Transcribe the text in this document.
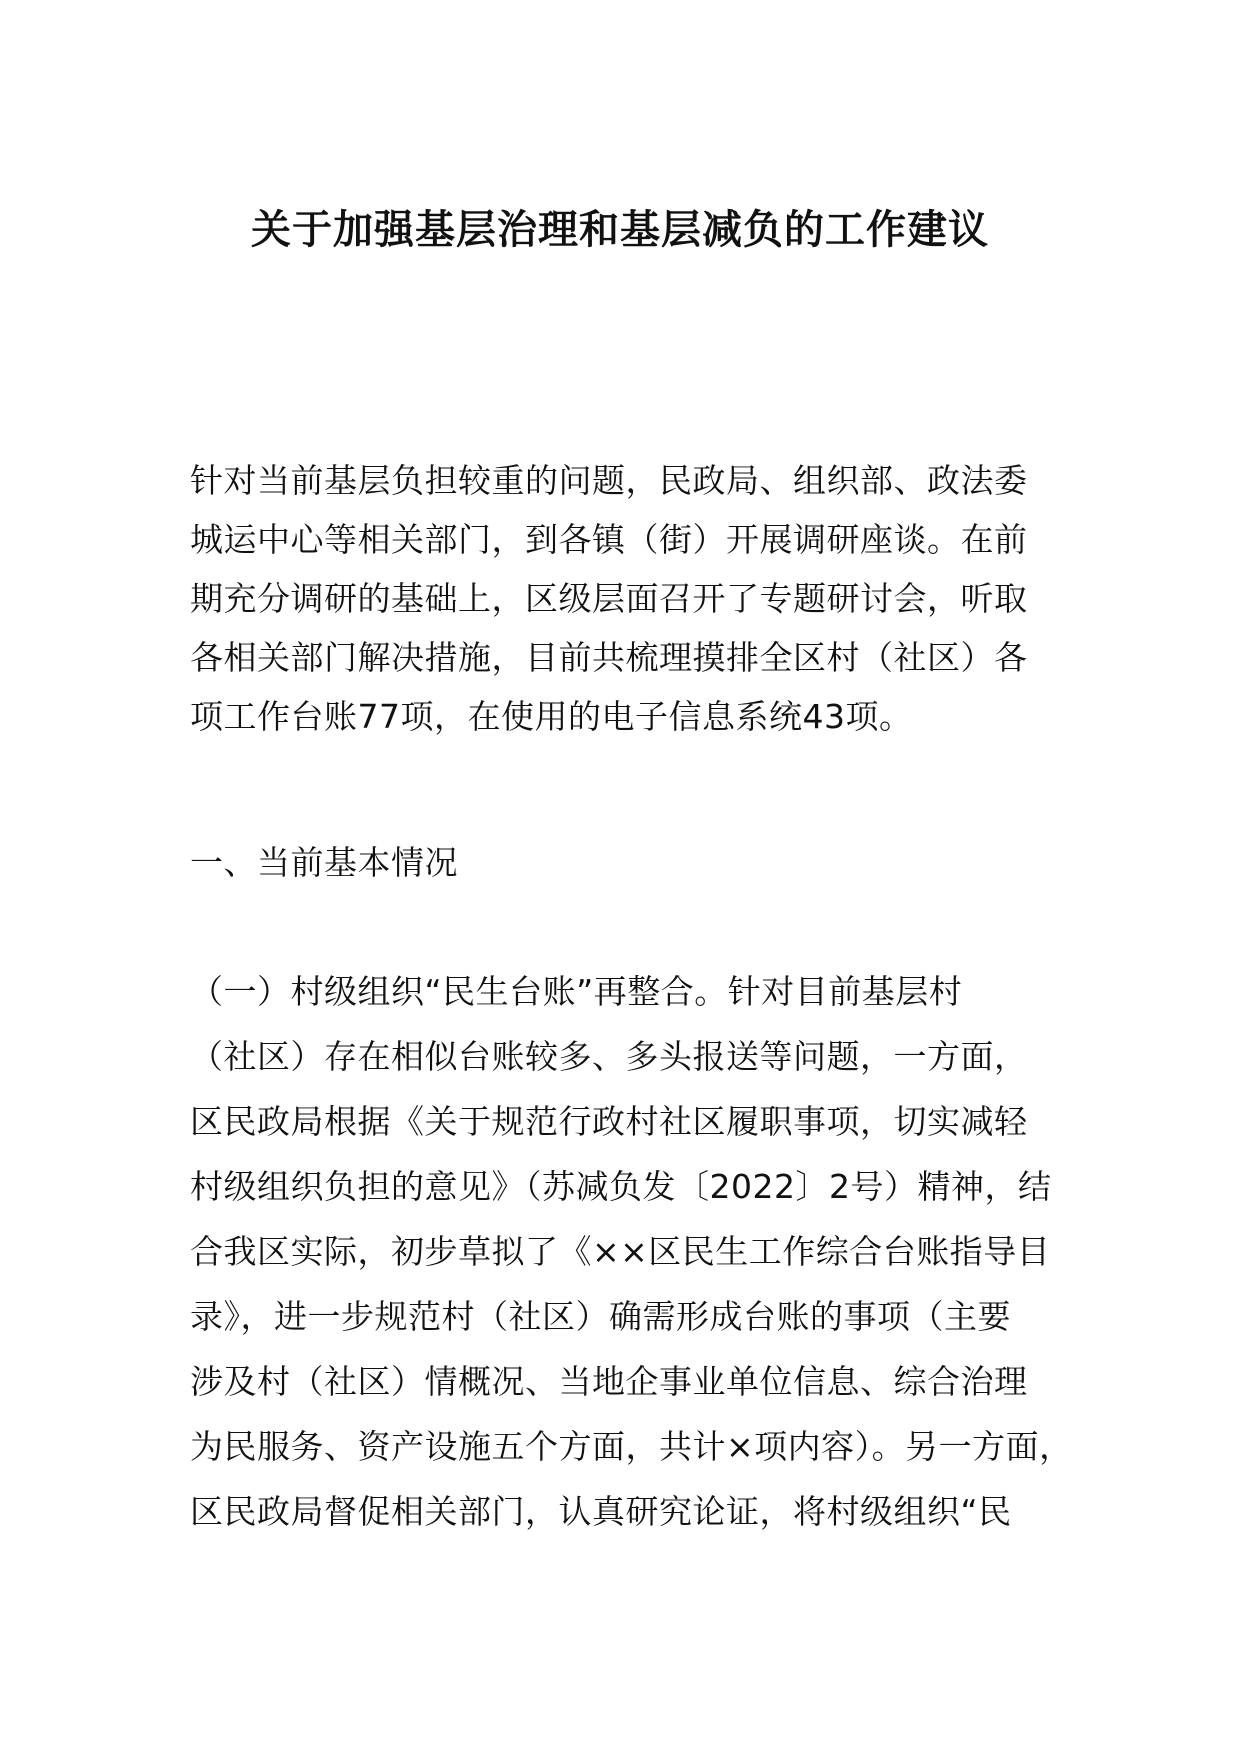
关于加强基层治理和基层减负的工作建议

针对当前基层负担较重的问题，民政局、组织部、政法委

城运中心等相关部门，到各镇（街）开展调研座谈。在前

期充分调研的基础上，区级层面召开了专题研讨会，听取

各相关部门解决措施，目前共梳理摸排全区村（社区）各

项工作台账77项，在使用的电子信息系统43项。

一、当前基本情况

（一）村级组织“民生台账”再整合。针对目前基层村

（社区）存在相似台账较多、多头报送等问题，一方面，

区民政局根据《关于规范行政村社区履职事项，切实减轻

村级组织负担的意见》（苏减负发〔2022〕2号）精神，结

合我区实际，初步草拟了《××区民生工作综合台账指导目

录》，进一步规范村（社区）确需形成台账的事项（主要

涉及村（社区）情概况、当地企事业单位信息、综合治理

为民服务、资产设施五个方面，共计×项内容）。另一方面，

区民政局督促相关部门，认真研究论证，将村级组织“民
